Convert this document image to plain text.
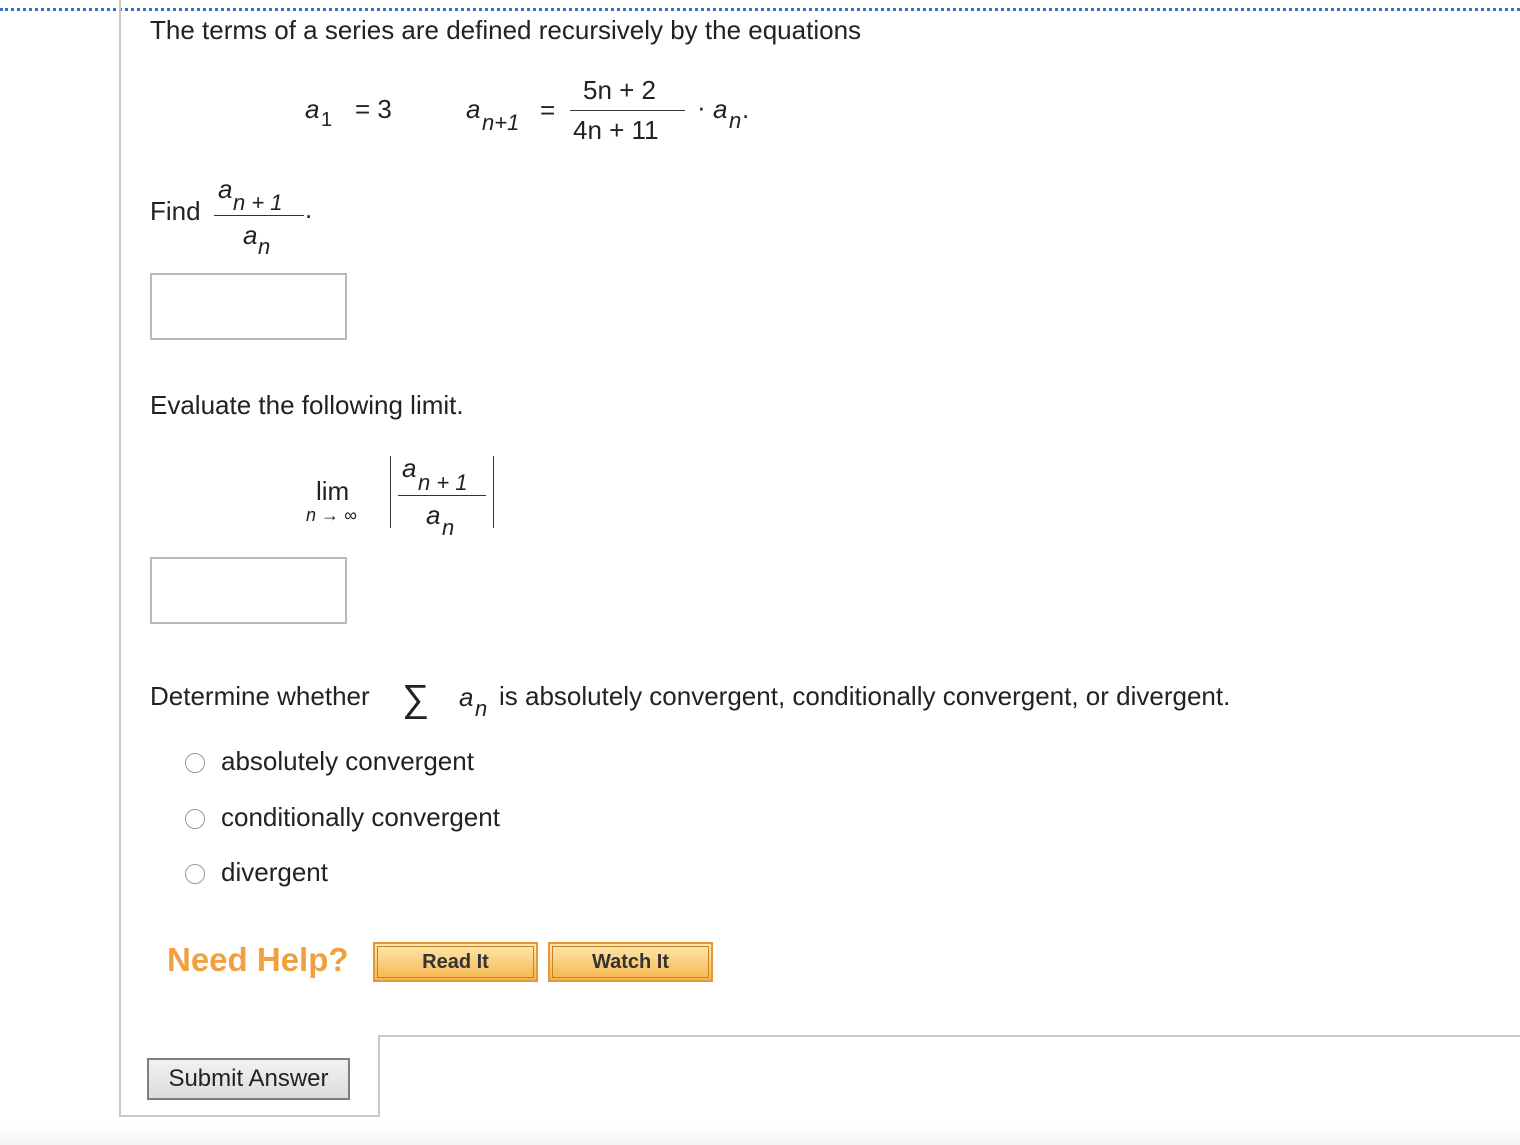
The terms of a series are defined recursively by the equations
a 1 = 3	a n+1 =
5n + 2
4n + 11
· a n .
Find
a n + 1
a n
.
Evaluate the following limit.
lim
n → ∞
a n + 1
a n
Determine whether ∑ a n is absolutely convergent, conditionally convergent, or divergent.
absolutely convergent
conditionally convergent
divergent
Need Help?	Read It	Watch It
Submit Answer
